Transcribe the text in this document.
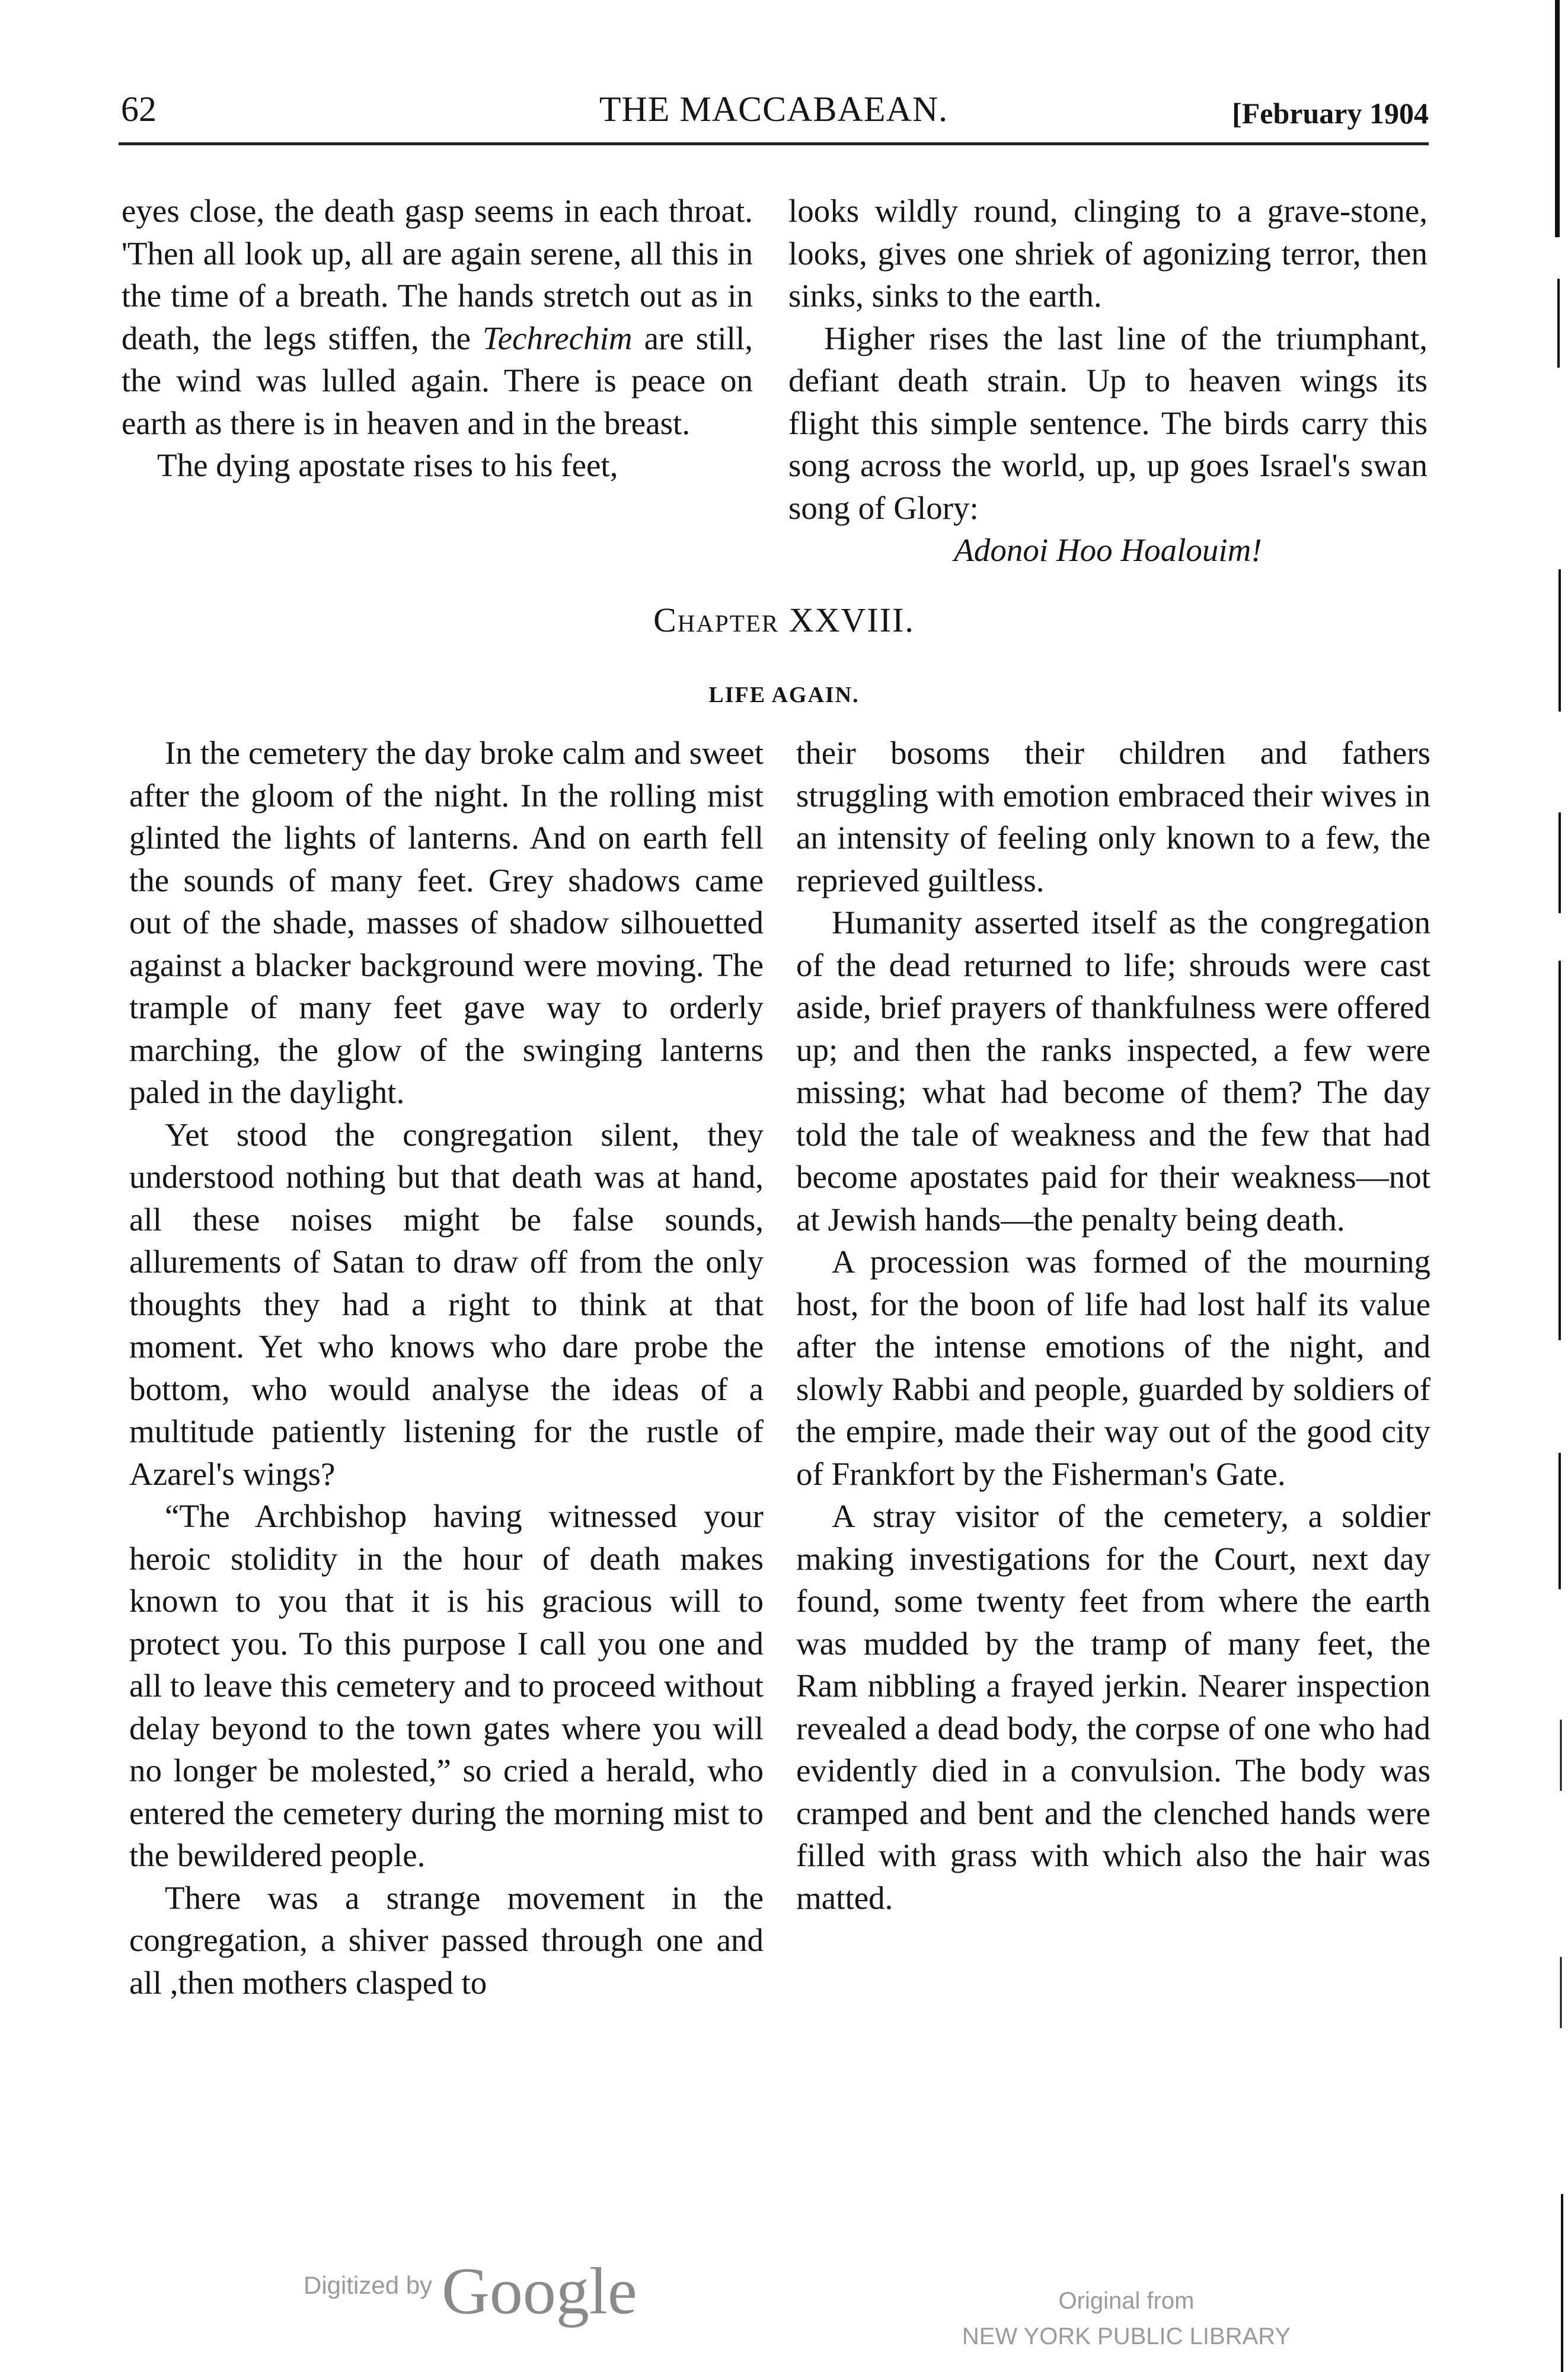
62	THE MACCABAEAN.	[February 1904

eyes close, the death gasp seems in each throat. 'Then all look up, all are again serene, all this in the time of a breath. The hands stretch out as in death, the legs stiffen, the Techrechim are still, the wind was lulled again. There is peace on earth as there is in heaven and in the breast.

The dying apostate rises to his feet,

looks wildly round, clinging to a grave-stone, looks, gives one shriek of agonizing terror, then sinks, sinks to the earth.

Higher rises the last line of the triumphant, defiant death strain. Up to heaven wings its flight this simple sentence. The birds carry this song across the world, up, up goes Israel's swan song of Glory:

Adonoi Hoo Hoalouim!

Chapter XXVIII.
LIFE AGAIN.

In the cemetery the day broke calm and sweet after the gloom of the night. In the rolling mist glinted the lights of lanterns. And on earth fell the sounds of many feet. Grey shadows came out of the shade, masses of shadow silhouetted against a blacker background were moving. The trample of many feet gave way to orderly marching, the glow of the swinging lanterns paled in the daylight.

Yet stood the congregation silent, they understood nothing but that death was at hand, all these noises might be false sounds, allurements of Satan to draw off from the only thoughts they had a right to think at that moment. Yet who knows who dare probe the bottom, who would analyse the ideas of a multitude patiently listening for the rustle of Azarel's wings?

“The Archbishop having witnessed your heroic stolidity in the hour of death makes known to you that it is his gracious will to protect you. To this purpose I call you one and all to leave this cemetery and to proceed without delay beyond to the town gates where you will no longer be molested,” so cried a herald, who entered the cemetery during the morning mist to the bewildered people.

There was a strange movement in the congregation, a shiver passed through one and all ,then mothers clasped to

their bosoms their children and fathers struggling with emotion embraced their wives in an intensity of feeling only known to a few, the reprieved guiltless.

Humanity asserted itself as the congregation of the dead returned to life; shrouds were cast aside, brief prayers of thankfulness were offered up; and then the ranks inspected, a few were missing; what had become of them? The day told the tale of weakness and the few that had become apostates paid for their weakness—not at Jewish hands—the penalty being death.

A procession was formed of the mourning host, for the boon of life had lost half its value after the intense emotions of the night, and slowly Rabbi and people, guarded by soldiers of the empire, made their way out of the good city of Frankfort by the Fisherman's Gate.

A stray visitor of the cemetery, a soldier making investigations for the Court, next day found, some twenty feet from where the earth was mudded by the tramp of many feet, the Ram nibbling a frayed jerkin. Nearer inspection revealed a dead body, the corpse of one who had evidently died in a convulsion. The body was cramped and bent and the clenched hands were filled with grass with which also the hair was matted.

Digitized by Google	Original from
NEW YORK PUBLIC LIBRARY
